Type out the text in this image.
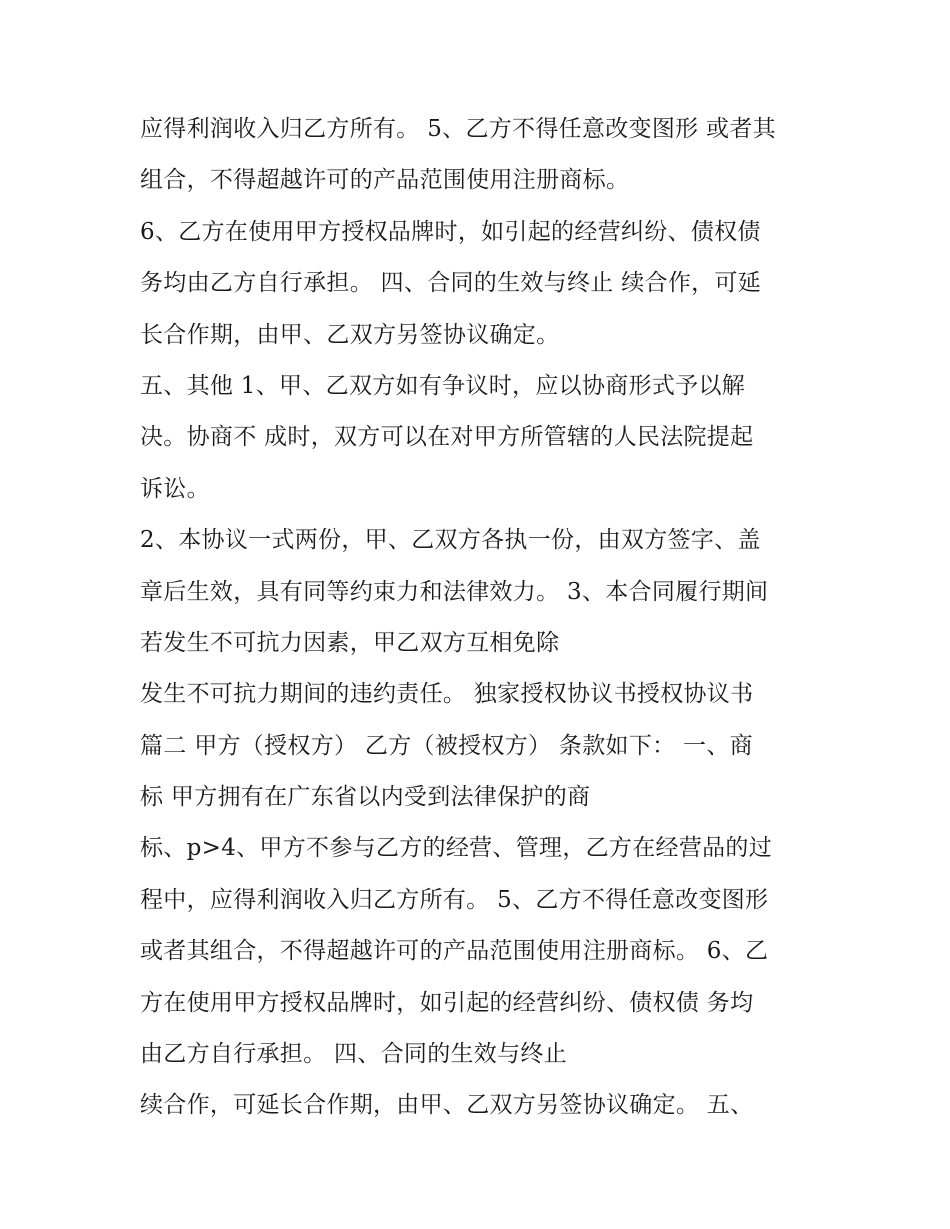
应得利润收入归乙方所有。 5、乙方不得任意改变图形 或者其
组合，不得超越许可的产品范围使用注册商标。
6、乙方在使用甲方授权品牌时，如引起的经营纠纷、债权债
务均由乙方自行承担。 四、合同的生效与终止 续合作，可延
长合作期，由甲、乙双方另签协议确定。
五、其他 1、甲、乙双方如有争议时，应以协商形式予以解
决。协商不 成时，双方可以在对甲方所管辖的人民法院提起
诉讼。
2、本协议一式两份，甲、乙双方各执一份，由双方签字、盖
章后生效，具有同等约束力和法律效力。 3、本合同履行期间
若发生不可抗力因素，甲乙双方互相免除
发生不可抗力期间的违约责任。 独家授权协议书授权协议书
篇二 甲方（授权方） 乙方（被授权方） 条款如下： 一、商
标 甲方拥有在广东省以内受到法律保护的商
标、p>4、甲方不参与乙方的经营、管理，乙方在经营品的过
程中，应得利润收入归乙方所有。 5、乙方不得任意改变图形
或者其组合，不得超越许可的产品范围使用注册商标。 6、乙
方在使用甲方授权品牌时，如引起的经营纠纷、债权债 务均
由乙方自行承担。 四、合同的生效与终止
续合作，可延长合作期，由甲、乙双方另签协议确定。 五、
